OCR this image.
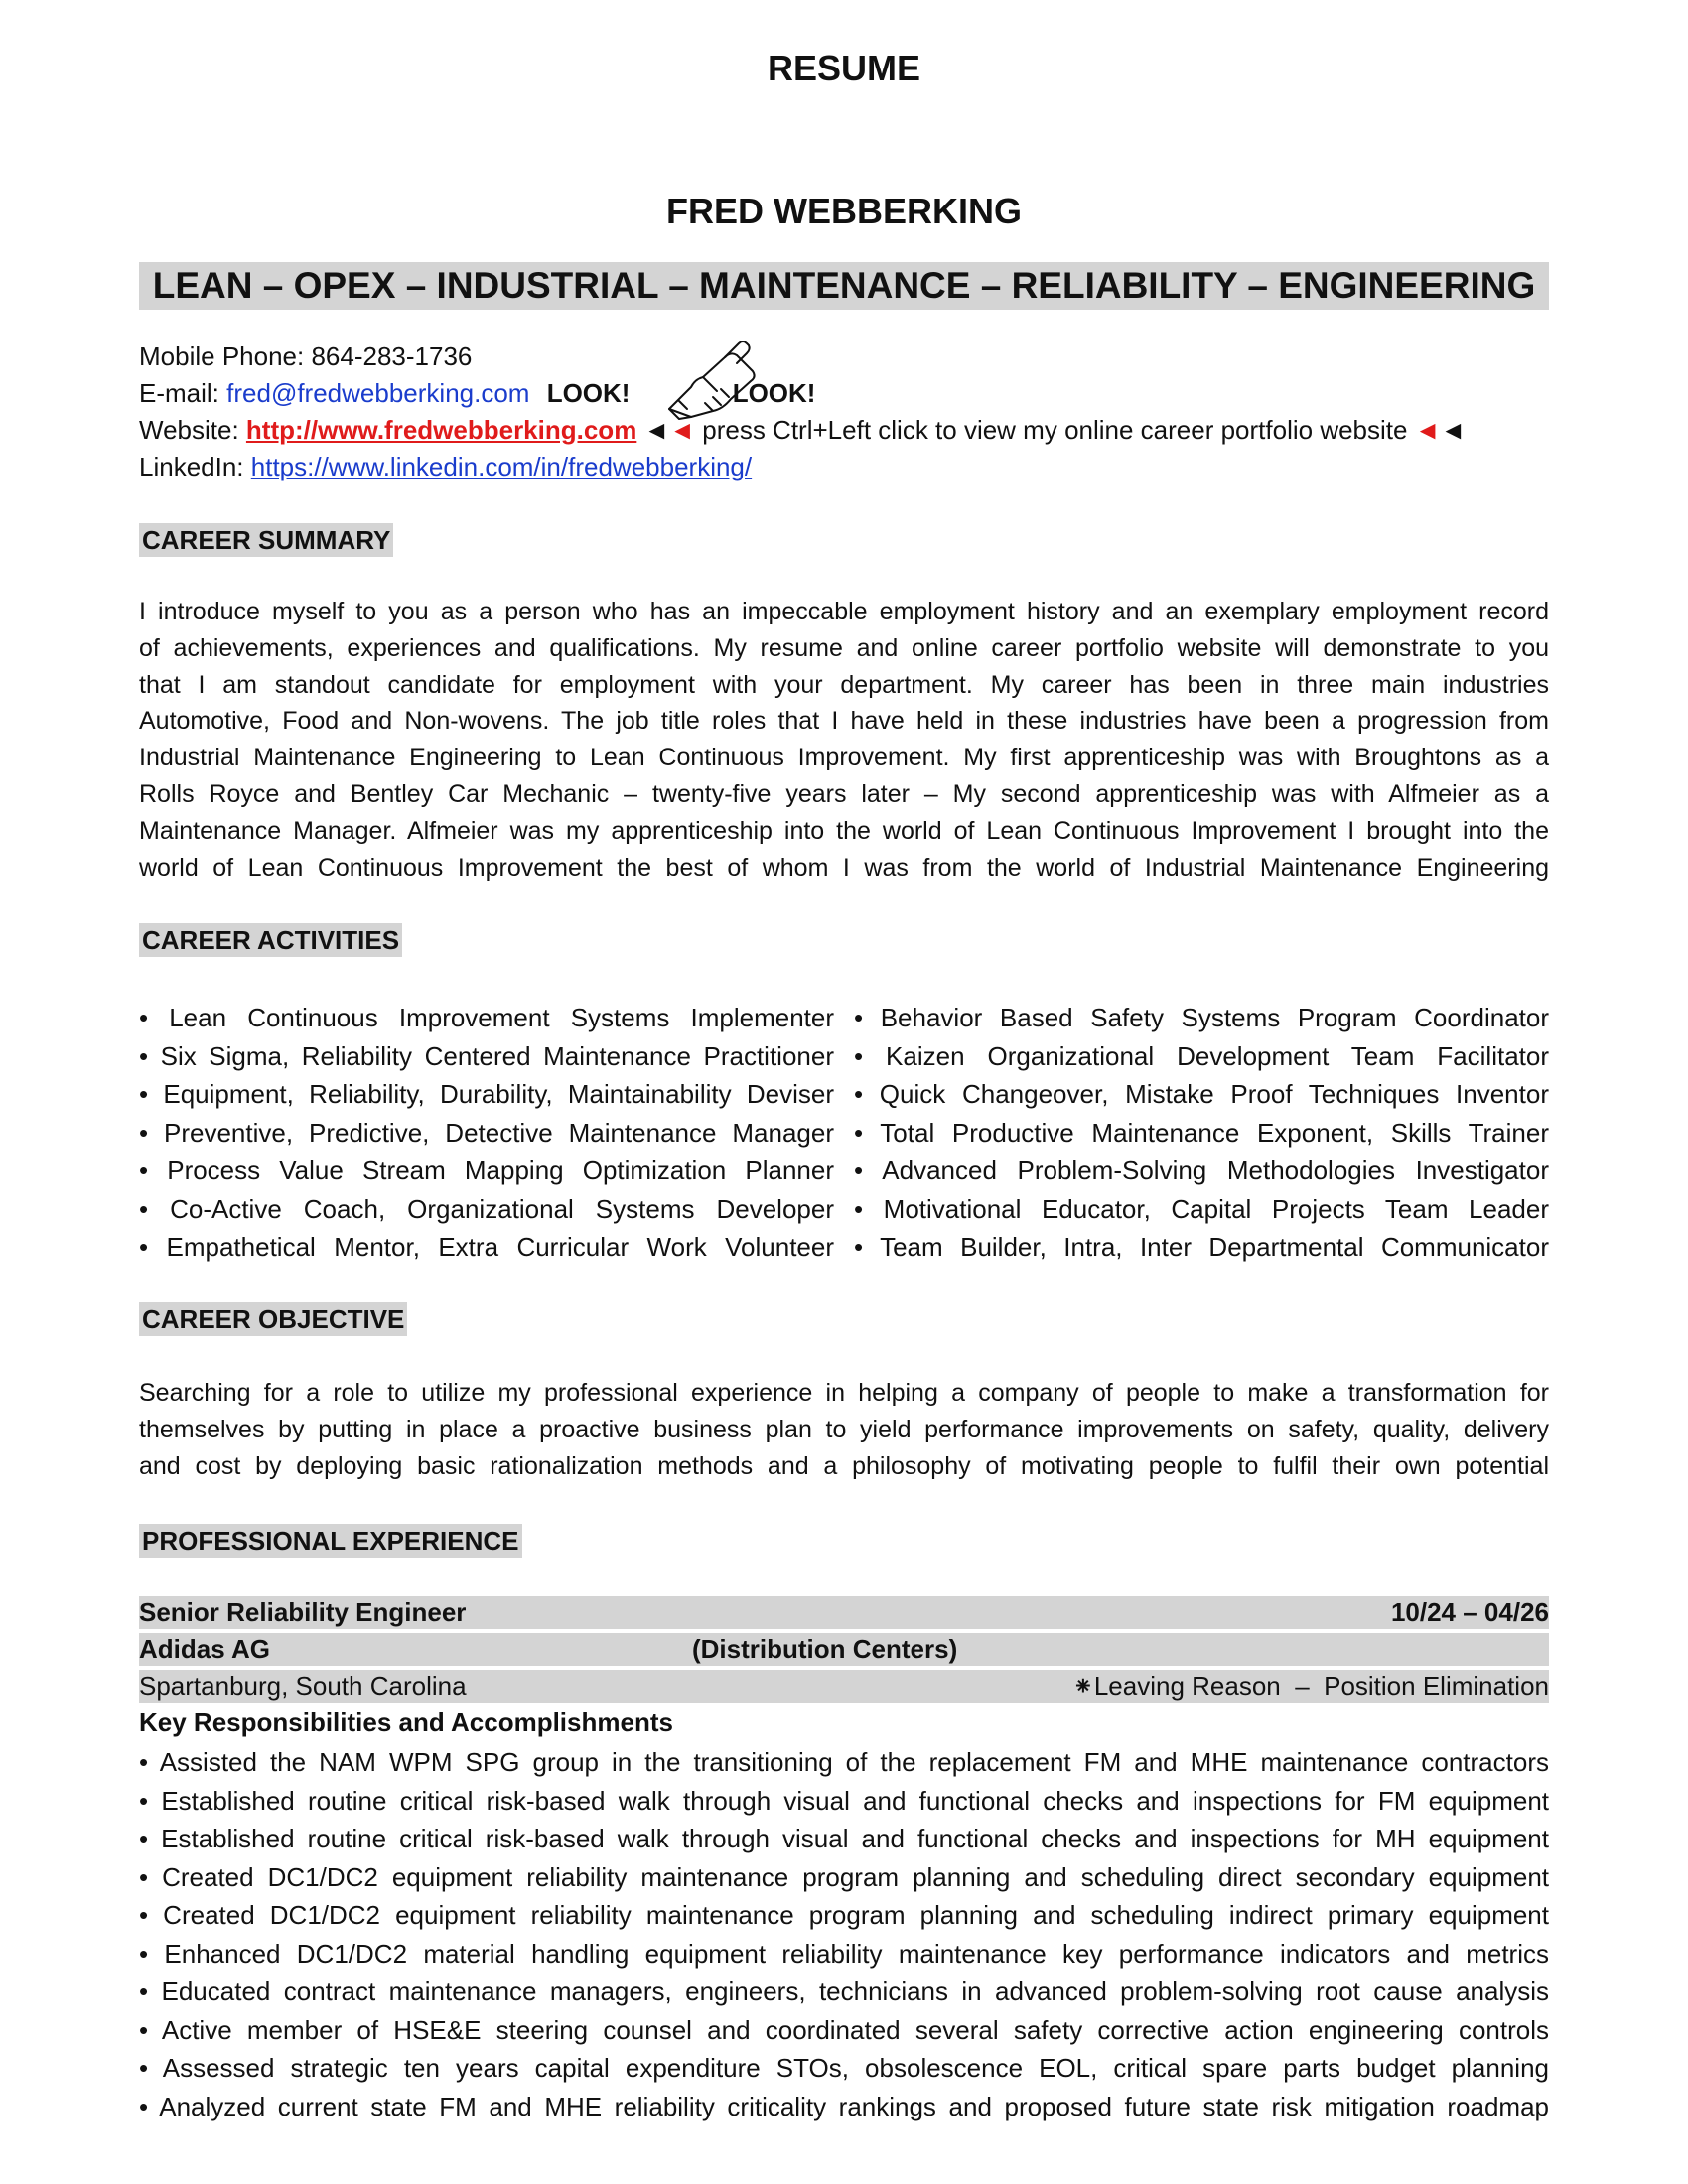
RESUME
FRED WEBBERKING
LEAN – OPEX – INDUSTRIAL – MAINTENANCE – RELIABILITY – ENGINEERING
Mobile Phone: 864-283-1736
E-mail: fred@fredwebberking.com LOOK!	LOOK!
Website: http://www.fredwebberking.com ◄◄ press Ctrl+Left click to view my online career portfolio website ◄◄
LinkedIn: https://www.linkedin.com/in/fredwebberking/
CAREER SUMMARY
I introduce myself to you as a person who has an impeccable employment history and an exemplary employment record
of achievements, experiences and qualifications. My resume and online career portfolio website will demonstrate to you
that I am standout candidate for employment with your department. My career has been in three main industries
Automotive, Food and Non-wovens. The job title roles that I have held in these industries have been a progression from
Industrial Maintenance Engineering to Lean Continuous Improvement. My first apprenticeship was with Broughtons as a
Rolls Royce and Bentley Car Mechanic – twenty-five years later – My second apprenticeship was with Alfmeier as a
Maintenance Manager. Alfmeier was my apprenticeship into the world of Lean Continuous Improvement I brought into the
world of Lean Continuous Improvement the best of whom I was from the world of Industrial Maintenance Engineering
CAREER ACTIVITIES
• Lean Continuous Improvement Systems Implementer
• Six Sigma, Reliability Centered Maintenance Practitioner
• Equipment, Reliability, Durability, Maintainability Deviser
• Preventive, Predictive, Detective Maintenance Manager
• Process Value Stream Mapping Optimization Planner
• Co-Active Coach, Organizational Systems Developer
• Empathetical Mentor, Extra Curricular Work Volunteer
• Behavior Based Safety Systems Program Coordinator
• Kaizen Organizational Development Team Facilitator
• Quick Changeover, Mistake Proof Techniques Inventor
• Total Productive Maintenance Exponent, Skills Trainer
• Advanced Problem-Solving Methodologies Investigator
• Motivational Educator, Capital Projects Team Leader
• Team Builder, Intra, Inter Departmental Communicator
CAREER OBJECTIVE
Searching for a role to utilize my professional experience in helping a company of people to make a transformation for
themselves by putting in place a proactive business plan to yield performance improvements on safety, quality, delivery
and cost by deploying basic rationalization methods and a philosophy of motivating people to fulfil their own potential
PROFESSIONAL EXPERIENCE
Senior Reliability Engineer	10/24 – 04/26
Adidas AG	(Distribution Centers)
Spartanburg, South Carolina	⁕Leaving Reason  –  Position Elimination
Key Responsibilities and Accomplishments
• Assisted the NAM WPM SPG group in the transitioning of the replacement FM and MHE maintenance contractors
• Established routine critical risk-based walk through visual and functional checks and inspections for FM equipment
• Established routine critical risk-based walk through visual and functional checks and inspections for MH equipment
• Created DC1/DC2 equipment reliability maintenance program planning and scheduling direct secondary equipment
• Created DC1/DC2 equipment reliability maintenance program planning and scheduling indirect primary equipment
• Enhanced DC1/DC2 material handling equipment reliability maintenance key performance indicators and metrics
• Educated contract maintenance managers, engineers, technicians in advanced problem-solving root cause analysis
• Active member of HSE&E steering counsel and coordinated several safety corrective action engineering controls
• Assessed strategic ten years capital expenditure STOs, obsolescence EOL, critical spare parts budget planning
• Analyzed current state FM and MHE reliability criticality rankings and proposed future state risk mitigation roadmap
